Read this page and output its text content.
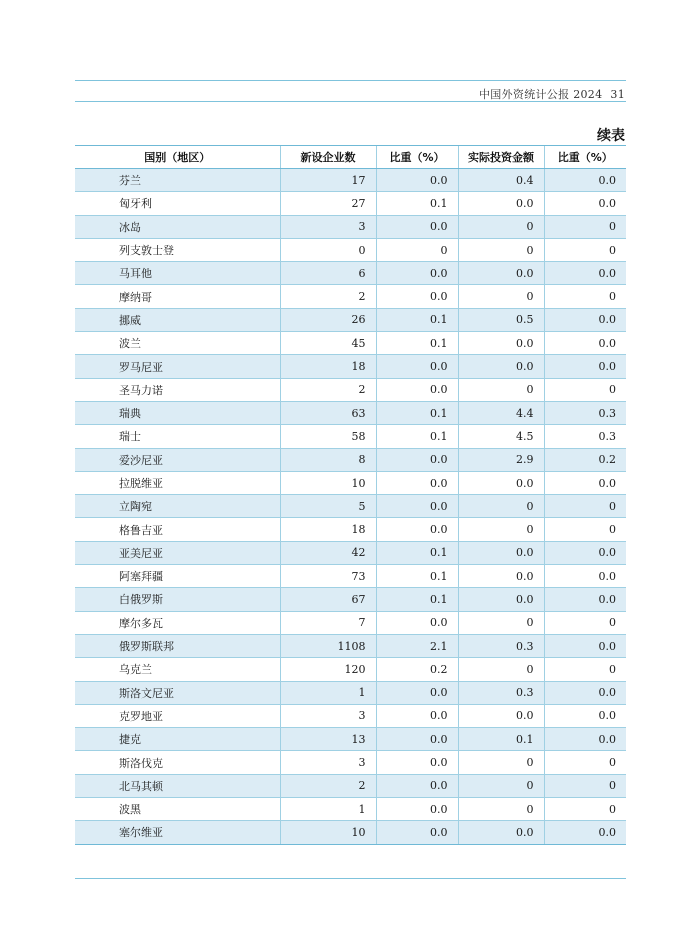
中国外资统计公报 2024 31
续表
国别（地区）	新设企业数	比重（%）	实际投资金额	比重（%）
芬兰	17	0.0	0.4	0.0
匈牙利	27	0.1	0.0	0.0
冰岛	3	0.0	0	0
列支敦士登	0	0	0	0
马耳他	6	0.0	0.0	0.0
摩纳哥	2	0.0	0	0
挪威	26	0.1	0.5	0.0
波兰	45	0.1	0.0	0.0
罗马尼亚	18	0.0	0.0	0.0
圣马力诺	2	0.0	0	0
瑞典	63	0.1	4.4	0.3
瑞士	58	0.1	4.5	0.3
爱沙尼亚	8	0.0	2.9	0.2
拉脱维亚	10	0.0	0.0	0.0
立陶宛	5	0.0	0	0
格鲁吉亚	18	0.0	0	0
亚美尼亚	42	0.1	0.0	0.0
阿塞拜疆	73	0.1	0.0	0.0
白俄罗斯	67	0.1	0.0	0.0
摩尔多瓦	7	0.0	0	0
俄罗斯联邦	1108	2.1	0.3	0.0
乌克兰	120	0.2	0	0
斯洛文尼亚	1	0.0	0.3	0.0
克罗地亚	3	0.0	0.0	0.0
捷克	13	0.0	0.1	0.0
斯洛伐克	3	0.0	0	0
北马其顿	2	0.0	0	0
波黑	1	0.0	0	0
塞尔维亚	10	0.0	0.0	0.0
